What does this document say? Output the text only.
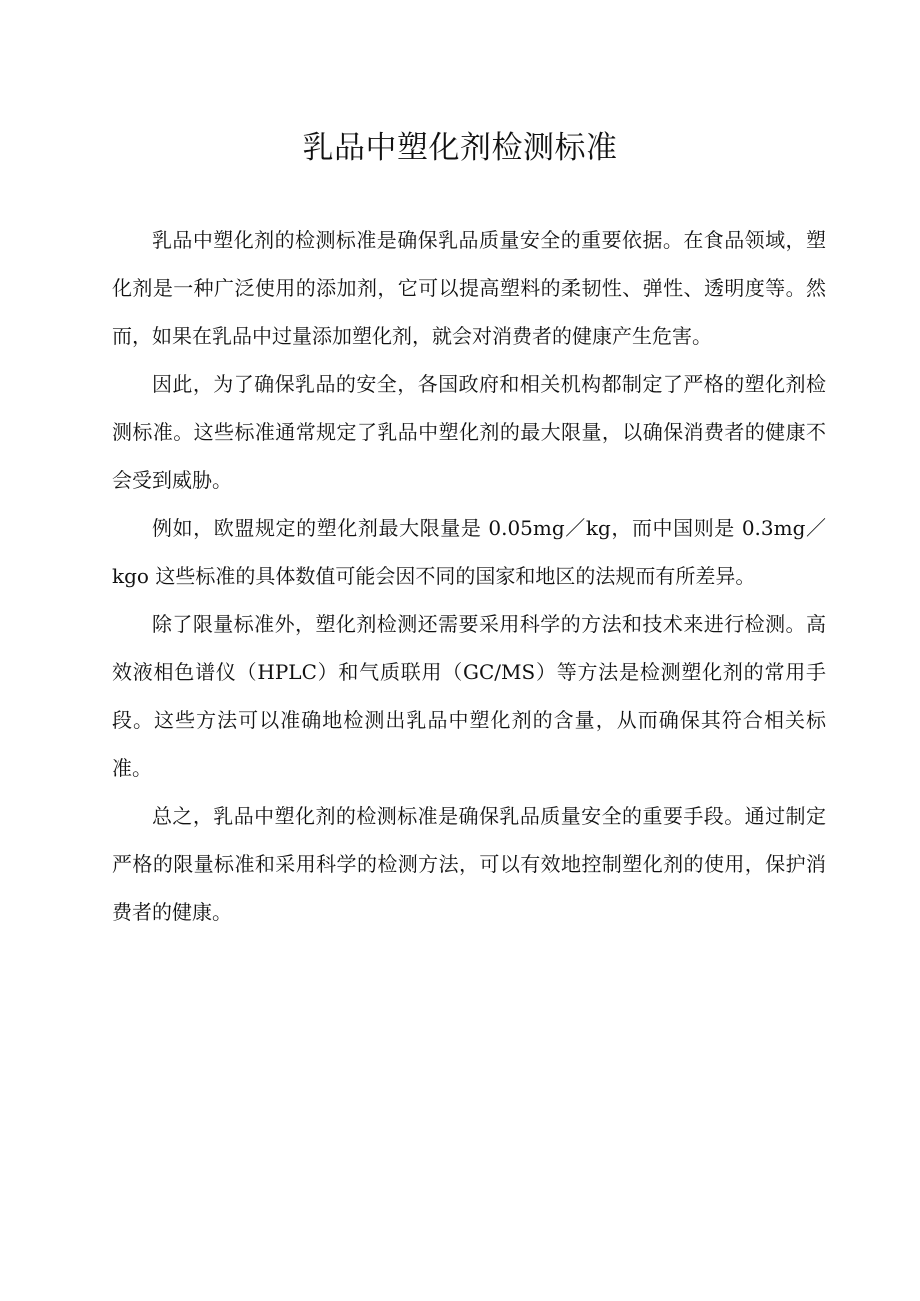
乳品中塑化剂检测标准

乳品中塑化剂的检测标准是确保乳品质量安全的重要依据。在食品领域，塑化剂是一种广泛使用的添加剂，它可以提高塑料的柔韧性、弹性、透明度等。然而，如果在乳品中过量添加塑化剂，就会对消费者的健康产生危害。

因此，为了确保乳品的安全，各国政府和相关机构都制定了严格的塑化剂检测标准。这些标准通常规定了乳品中塑化剂的最大限量，以确保消费者的健康不会受到威胁。

例如，欧盟规定的塑化剂最大限量是 0.05mg／kg，而中国则是 0.3mg／kgo 这些标准的具体数值可能会因不同的国家和地区的法规而有所差异。

除了限量标准外，塑化剂检测还需要采用科学的方法和技术来进行检测。高效液相色谱仪（HPLC）和气质联用（GC/MS）等方法是检测塑化剂的常用手段。这些方法可以准确地检测出乳品中塑化剂的含量，从而确保其符合相关标准。

总之，乳品中塑化剂的检测标准是确保乳品质量安全的重要手段。通过制定严格的限量标准和采用科学的检测方法，可以有效地控制塑化剂的使用，保护消费者的健康。
